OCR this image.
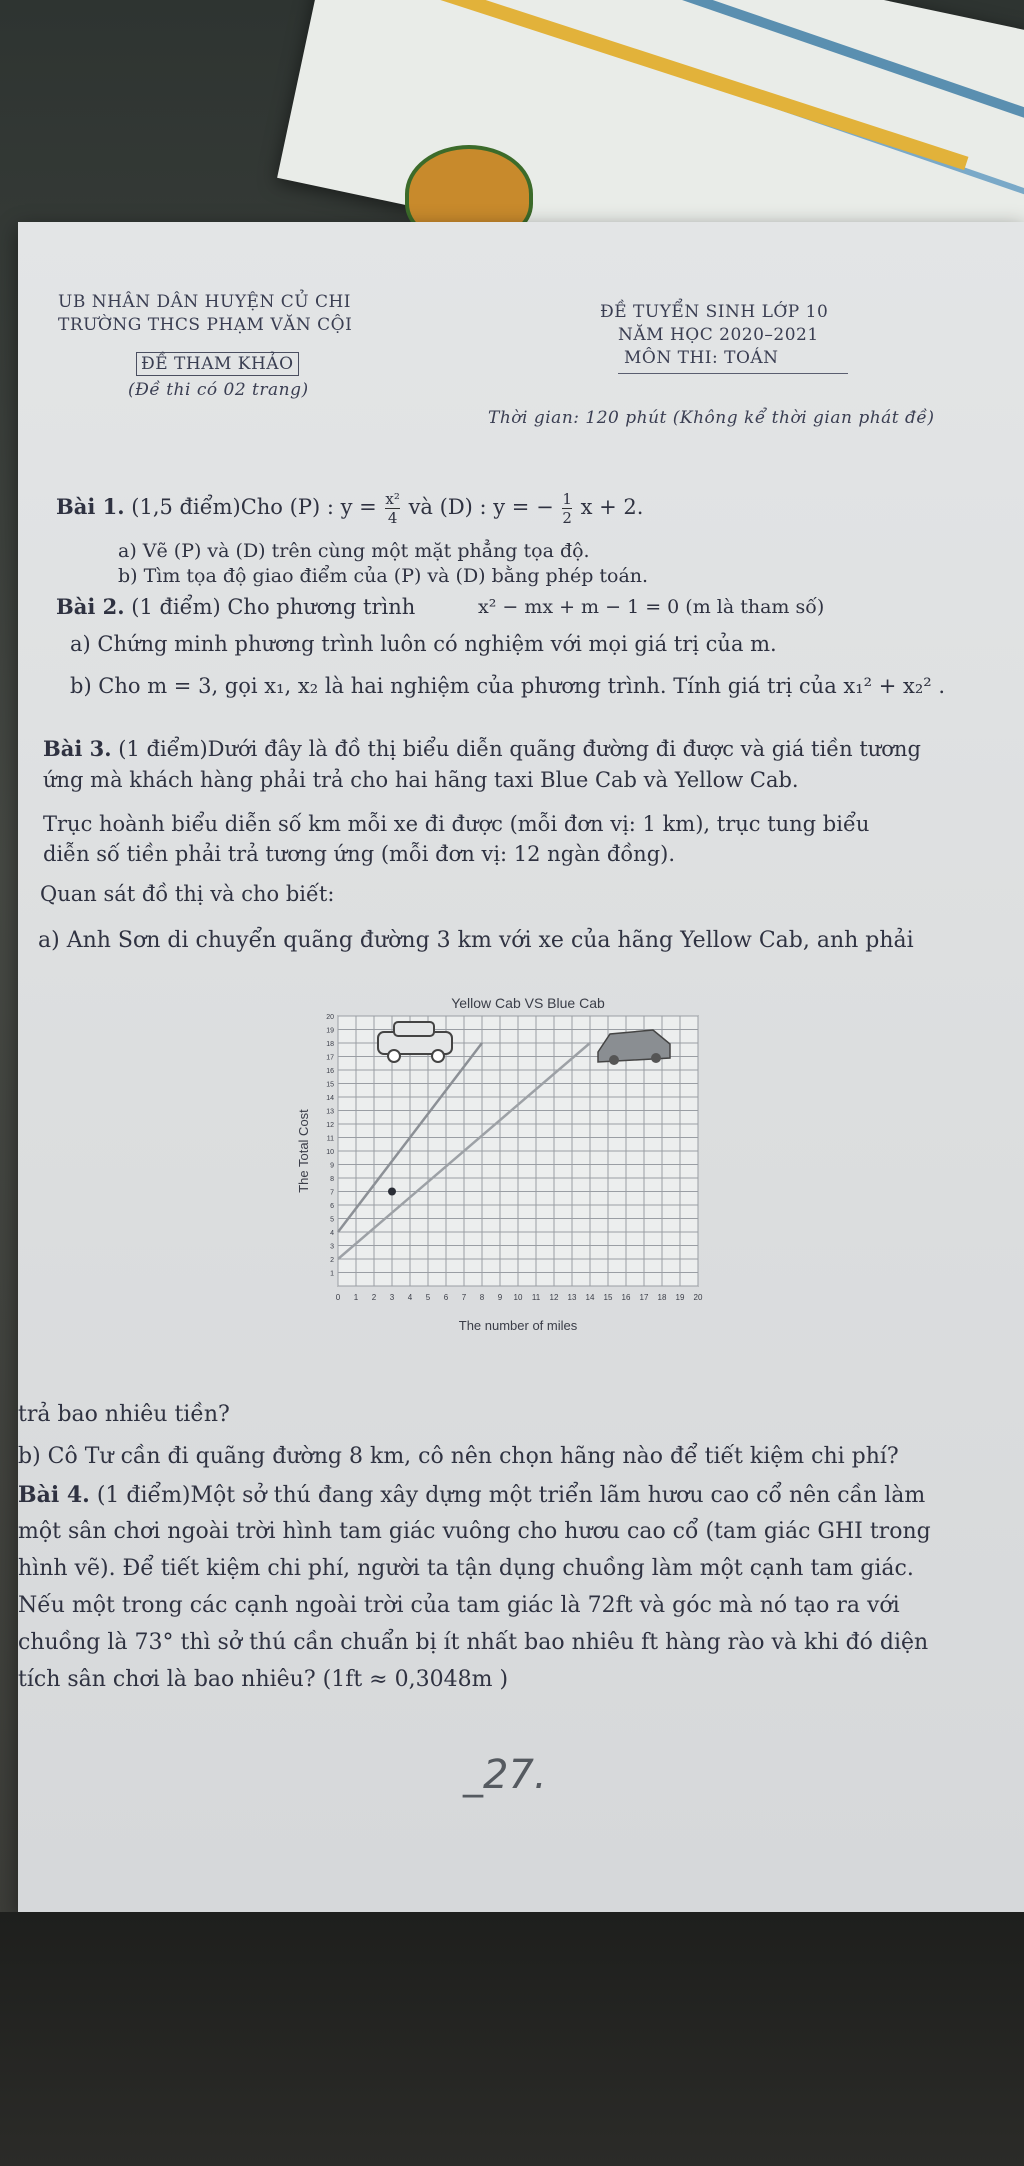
UB NHÂN DÂN HUYỆN CỦ CHI
TRƯỜNG THCS PHẠM VĂN CỘI
ĐỀ THAM KHẢO
(Đề thi có 02 trang)
ĐỀ TUYỂN SINH LỚP 10
NĂM HỌC 2020–2021
MÔN THI: TOÁN
Thời gian: 120 phút (Không kể thời gian phát đề)
Bài 1. (1,5 điểm)Cho (P) : $y = \frac{\text{x²}}{4}$ và (D) : y = − $\frac{1}{2}$ x + 2.
a) Vẽ (P) và (D) trên cùng một mặt phẳng tọa độ.
b) Tìm tọa độ giao điểm của (P) và (D) bằng phép toán.
Bài 2. (1 điểm) Cho phương trình	x² − mx + m − 1 = 0 (m là tham số)
a) Chứng minh phương trình luôn có nghiệm với mọi giá trị của m.
b) Cho m = 3, gọi x₁, x₂ là hai nghiệm của phương trình. Tính giá trị của x₁² + x₂² .
Bài 3. (1 điểm)Dưới đây là đồ thị biểu diễn quãng đường đi được và giá tiền tương
ứng mà khách hàng phải trả cho hai hãng taxi Blue Cab và Yellow Cab.
Trục hoành biểu diễn số km mỗi xe đi được (mỗi đơn vị: 1 km), trục tung biểu
diễn số tiền phải trả tương ứng (mỗi đơn vị: 12 ngàn đồng).
Quan sát đồ thị và cho biết:
a) Anh Sơn di chuyển quãng đường 3 km với xe của hãng Yellow Cab, anh phải
Yellow Cab VS Blue Cab
0 1 2 3 4 5 6 7 8 9 10 11 12 13 14 15 16 17 18 19 20
1
2
3
4
5
6
7
8
9
10
11
12
13
14
15
16
17
18
19
20
The number of miles
The Total Cost
trả bao nhiêu tiền?
b) Cô Tư cần đi quãng đường 8 km, cô nên chọn hãng nào để tiết kiệm chi phí?
Bài 4. (1 điểm)Một sở thú đang xây dựng một triển lãm hươu cao cổ nên cần làm
một sân chơi ngoài trời hình tam giác vuông cho hươu cao cổ (tam giác GHI trong
hình vẽ). Để tiết kiệm chi phí, người ta tận dụng chuồng làm một cạnh tam giác.
Nếu một trong các cạnh ngoài trời của tam giác là 72ft và góc mà nó tạo ra với
chuồng là 73° thì sở thú cần chuẩn bị ít nhất bao nhiêu ft hàng rào và khi đó diện
tích sân chơi là bao nhiêu? (1ft ≈ 0,3048m )
_27.
